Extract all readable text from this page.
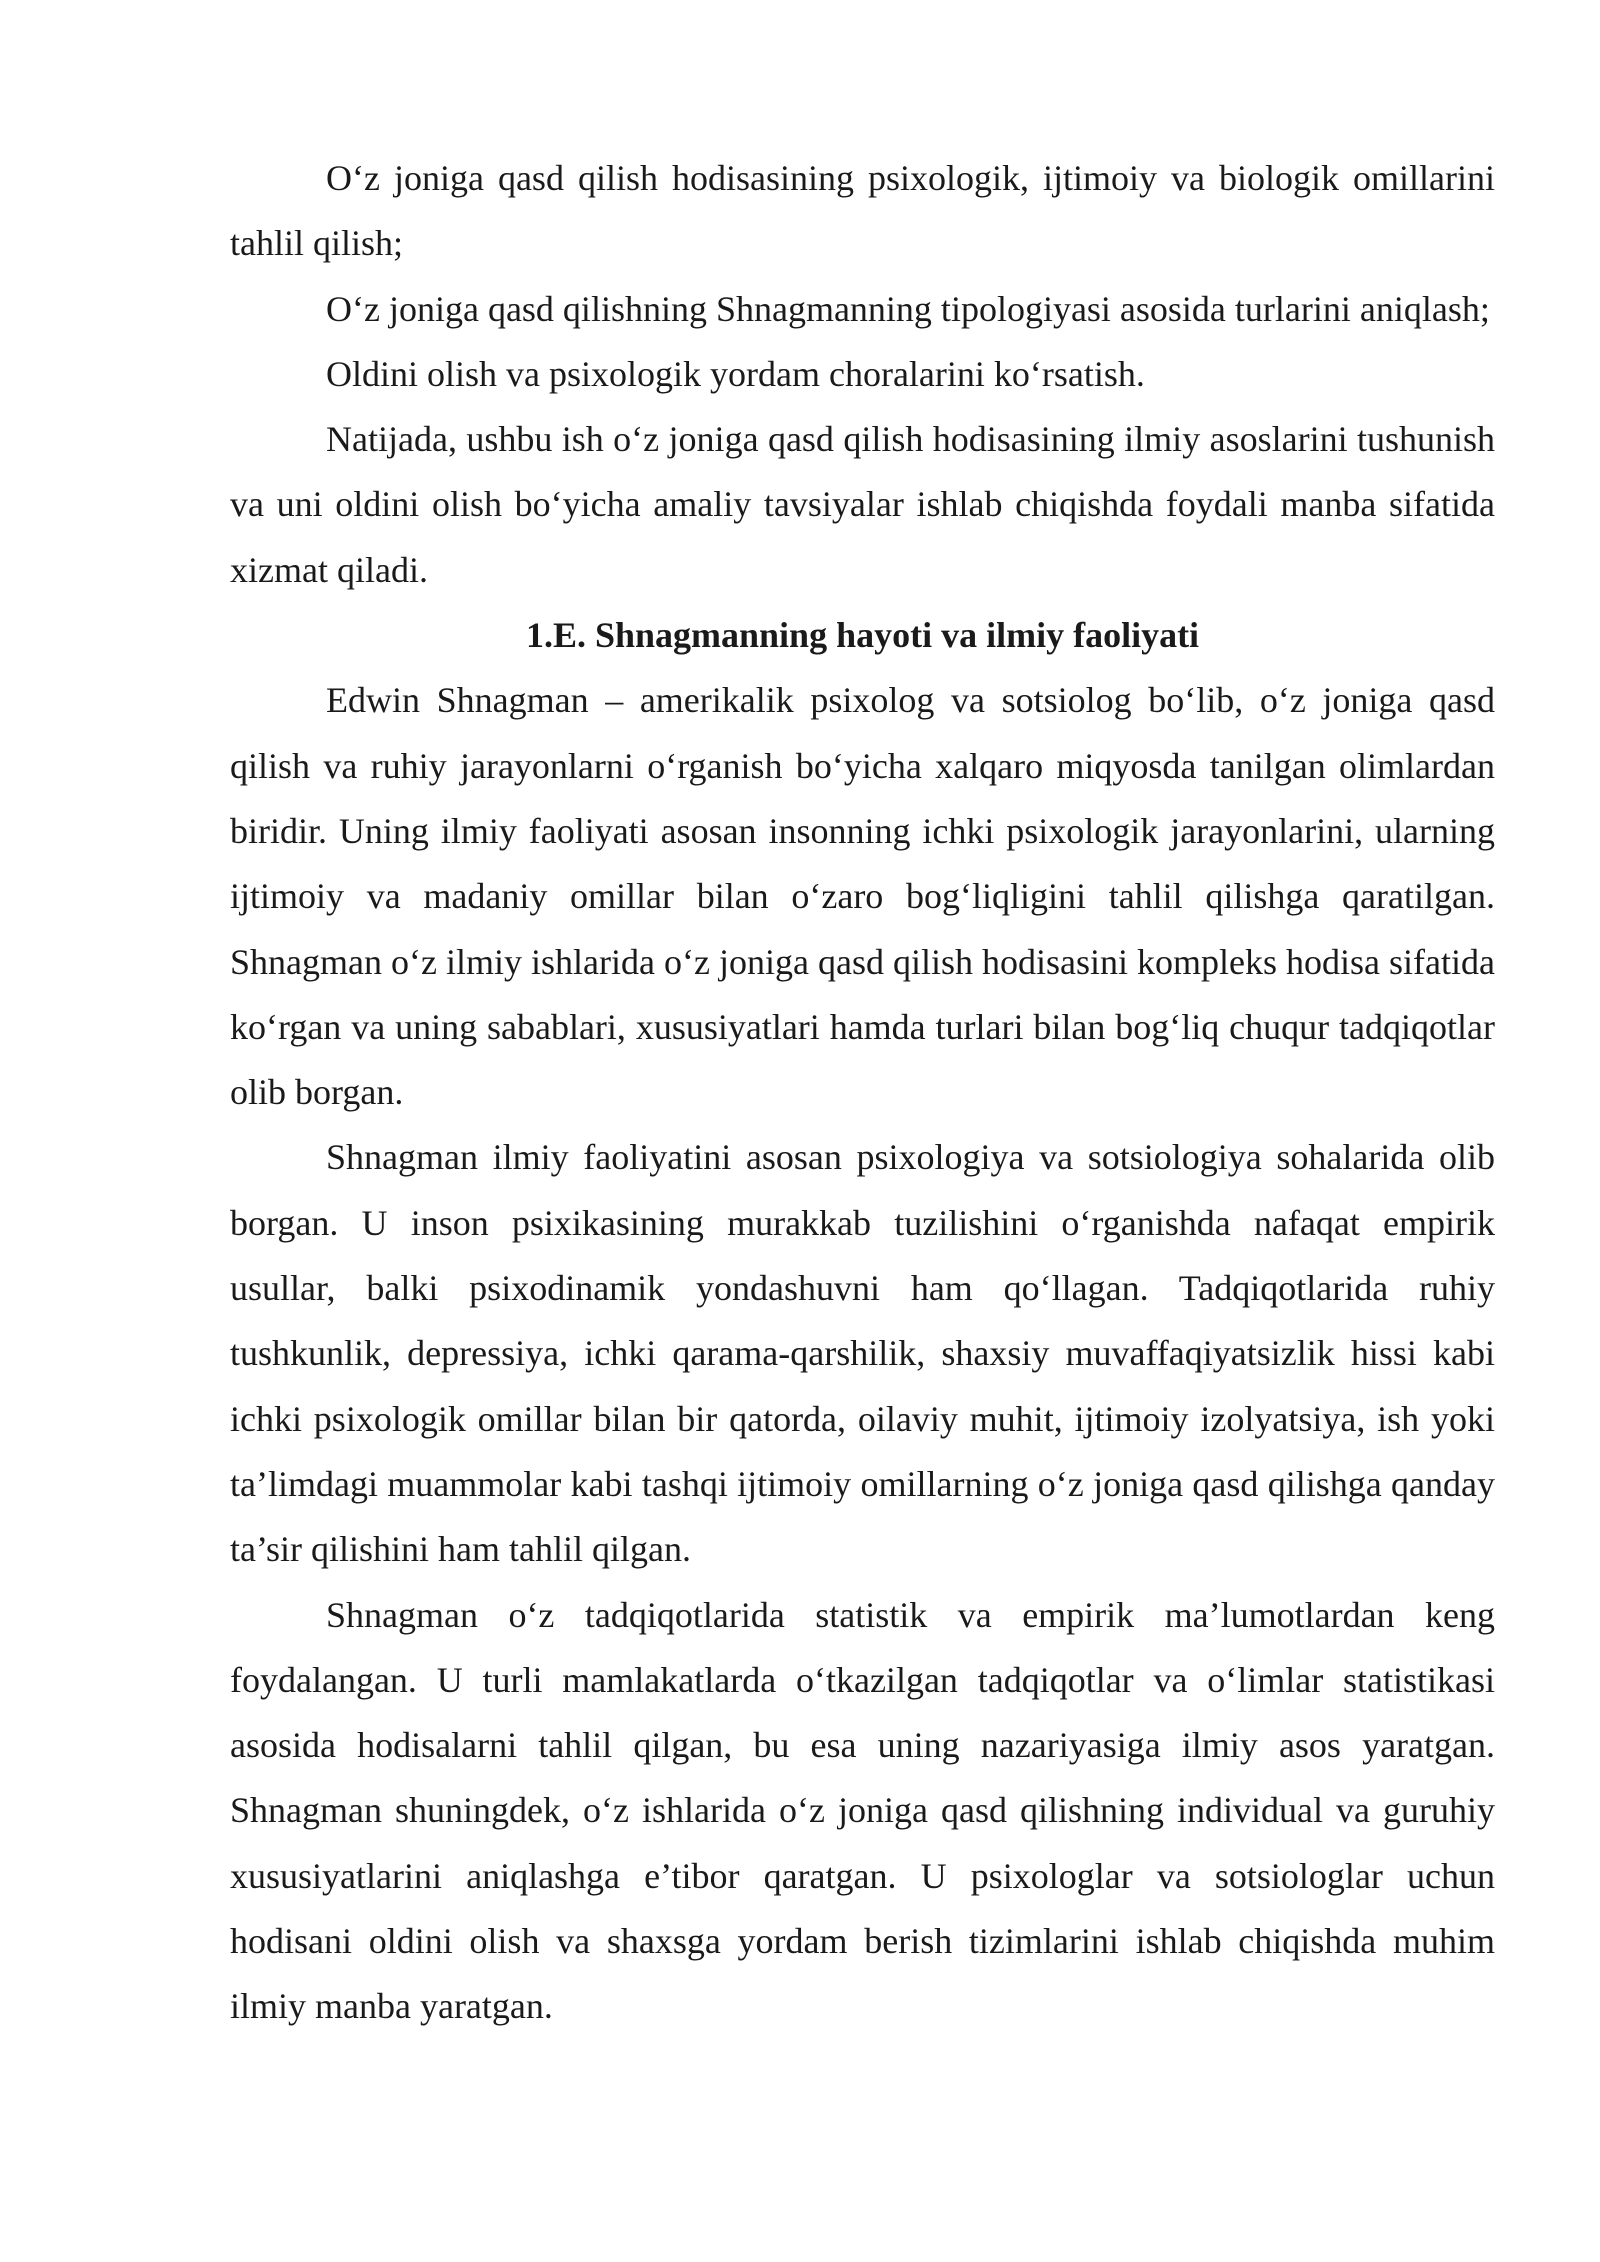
O‘z joniga qasd qilish hodisasining psixologik, ijtimoiy va biologik omillarini tahlil qilish;

O‘z joniga qasd qilishning Shnagmanning tipologiyasi asosida turlarini aniqlash;

Oldini olish va psixologik yordam choralarini ko‘rsatish.

Natijada, ushbu ish o‘z joniga qasd qilish hodisasining ilmiy asoslarini tushunish va uni oldini olish bo‘yicha amaliy tavsiyalar ishlab chiqishda foydali manba sifatida xizmat qiladi.

1.E. Shnagmanning hayoti va ilmiy faoliyati

Edwin Shnagman – amerikalik psixolog va sotsiolog bo‘lib, o‘z joniga qasd qilish va ruhiy jarayonlarni o‘rganish bo‘yicha xalqaro miqyosda tanilgan olimlardan biridir. Uning ilmiy faoliyati asosan insonning ichki psixologik jarayonlarini, ularning ijtimoiy va madaniy omillar bilan o‘zaro bog‘liqligini tahlil qilishga qaratilgan. Shnagman o‘z ilmiy ishlarida o‘z joniga qasd qilish hodisasini kompleks hodisa sifatida ko‘rgan va uning sabablari, xususiyatlari hamda turlari bilan bog‘liq chuqur tadqiqotlar olib borgan.

Shnagman ilmiy faoliyatini asosan psixologiya va sotsiologiya sohalarida olib borgan. U inson psixikasining murakkab tuzilishini o‘rganishda nafaqat empirik usullar, balki psixodinamik yondashuvni ham qo‘llagan. Tadqiqotlarida ruhiy tushkunlik, depressiya, ichki qarama-qarshilik, shaxsiy muvaffaqiyatsizlik hissi kabi ichki psixologik omillar bilan bir qatorda, oilaviy muhit, ijtimoiy izolyatsiya, ish yoki ta’limdagi muammolar kabi tashqi ijtimoiy omillarning o‘z joniga qasd qilishga qanday ta’sir qilishini ham tahlil qilgan.

Shnagman o‘z tadqiqotlarida statistik va empirik ma’lumotlardan keng foydalangan. U turli mamlakatlarda o‘tkazilgan tadqiqotlar va o‘limlar statistikasi asosida hodisalarni tahlil qilgan, bu esa uning nazariyasiga ilmiy asos yaratgan. Shnagman shuningdek, o‘z ishlarida o‘z joniga qasd qilishning individual va guruhiy xususiyatlarini aniqlashga e’tibor qaratgan. U psixologlar va sotsiologlar uchun hodisani oldini olish va shaxsga yordam berish tizimlarini ishlab chiqishda muhim ilmiy manba yaratgan.
